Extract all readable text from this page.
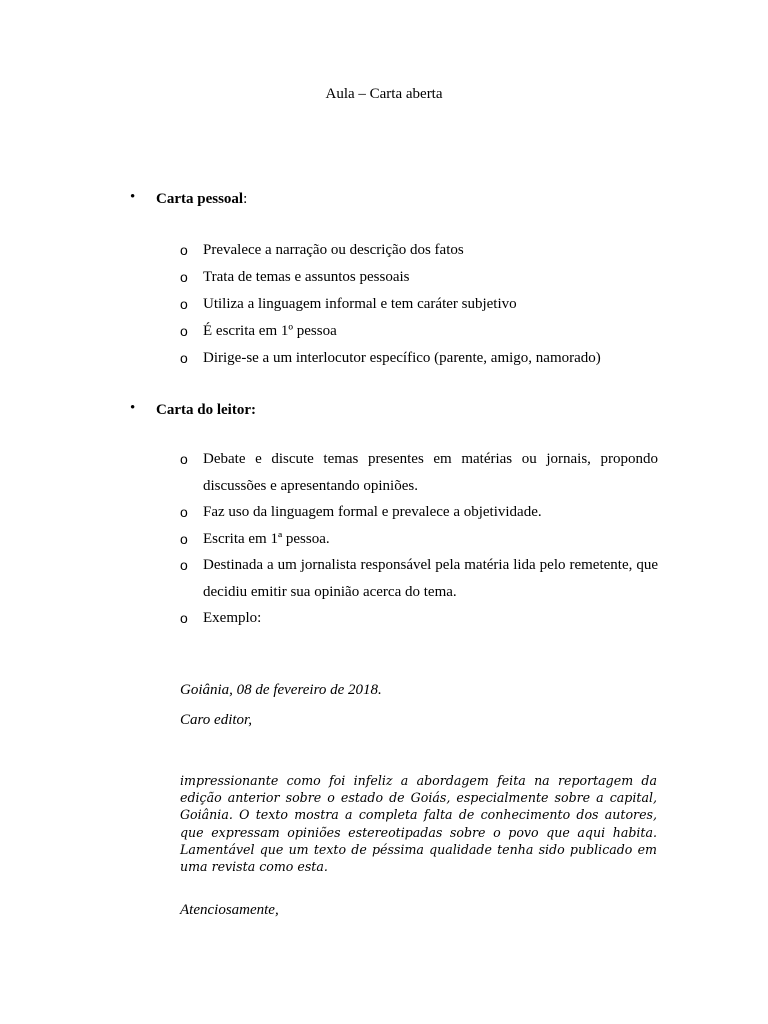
Aula – Carta aberta
• Carta pessoal:
o Prevalece a narração ou descrição dos fatos
o Trata de temas e assuntos pessoais
o Utiliza a linguagem informal e tem caráter subjetivo
o É escrita em 1º pessoa
o Dirige-se a um interlocutor específico (parente, amigo, namorado)
• Carta do leitor:
o Debate e discute temas presentes em matérias ou jornais, propondo discussões e apresentando opiniões.
o Faz uso da linguagem formal e prevalece a objetividade.
o Escrita em 1ª pessoa.
o Destinada a um jornalista responsável pela matéria lida pelo remetente, que decidiu emitir sua opinião acerca do tema.
o Exemplo:
Goiânia, 08 de fevereiro de 2018.
Caro editor,
impressionante como foi infeliz a abordagem feita na reportagem da edição anterior sobre o estado de Goiás, especialmente sobre a capital, Goiânia. O texto mostra a completa falta de conhecimento dos autores, que expressam opiniões estereotipadas sobre o povo que aqui habita. Lamentável que um texto de péssima qualidade tenha sido publicado em uma revista como esta.
Atenciosamente,
